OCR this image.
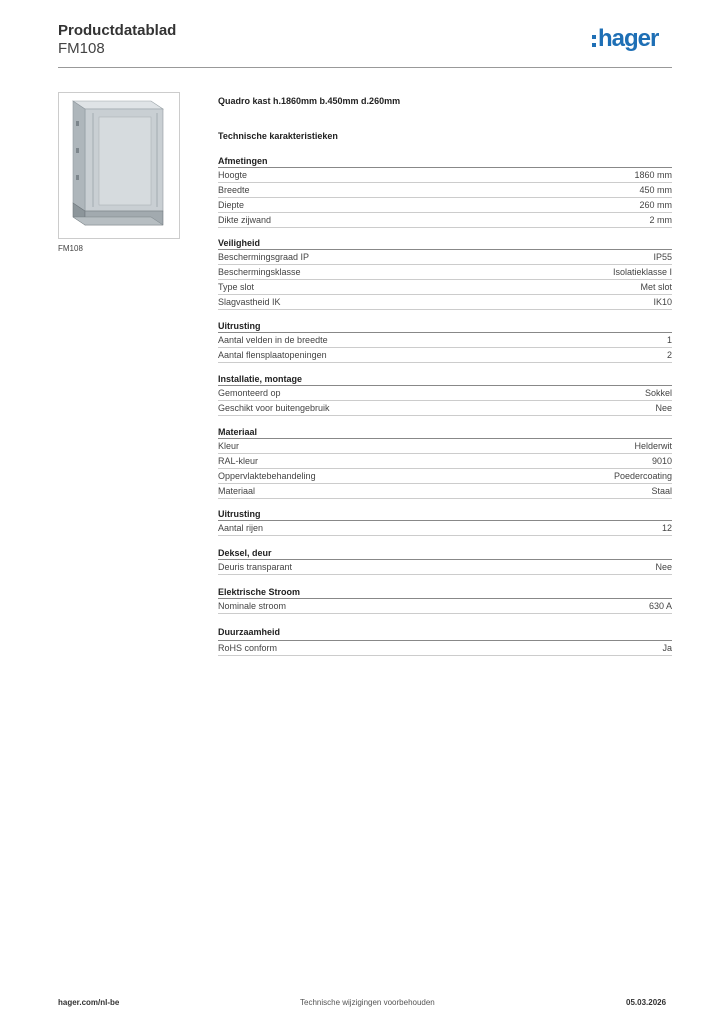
Productdatablad
FM108	hager
FM108
Quadro kast h.1860mm b.450mm d.260mm
Technische karakteristieken
Afmetingen
Hoogte	1860 mm
Breedte	450 mm
Diepte	260 mm
Dikte zijwand	2 mm
Veiligheid
Beschermingsgraad IP	IP55
Beschermingsklasse	Isolatieklasse I
Type slot	Met slot
Slagvastheid IK	IK10
Uitrusting
Aantal velden in de breedte	1
Aantal flensplaatopeningen	2
Installatie, montage
Gemonteerd op	Sokkel
Geschikt voor buitengebruik	Nee
Materiaal
Kleur	Helderwit
RAL-kleur	9010
Oppervlaktebehandeling	Poedercoating
Materiaal	Staal
Uitrusting
Aantal rijen	12
Deksel, deur
Deuris transparant	Nee
Elektrische Stroom
Nominale stroom	630 A
Duurzaamheid
RoHS conform	Ja
hager.com/nl-be	Technische wijzigingen voorbehouden	05.03.2026
